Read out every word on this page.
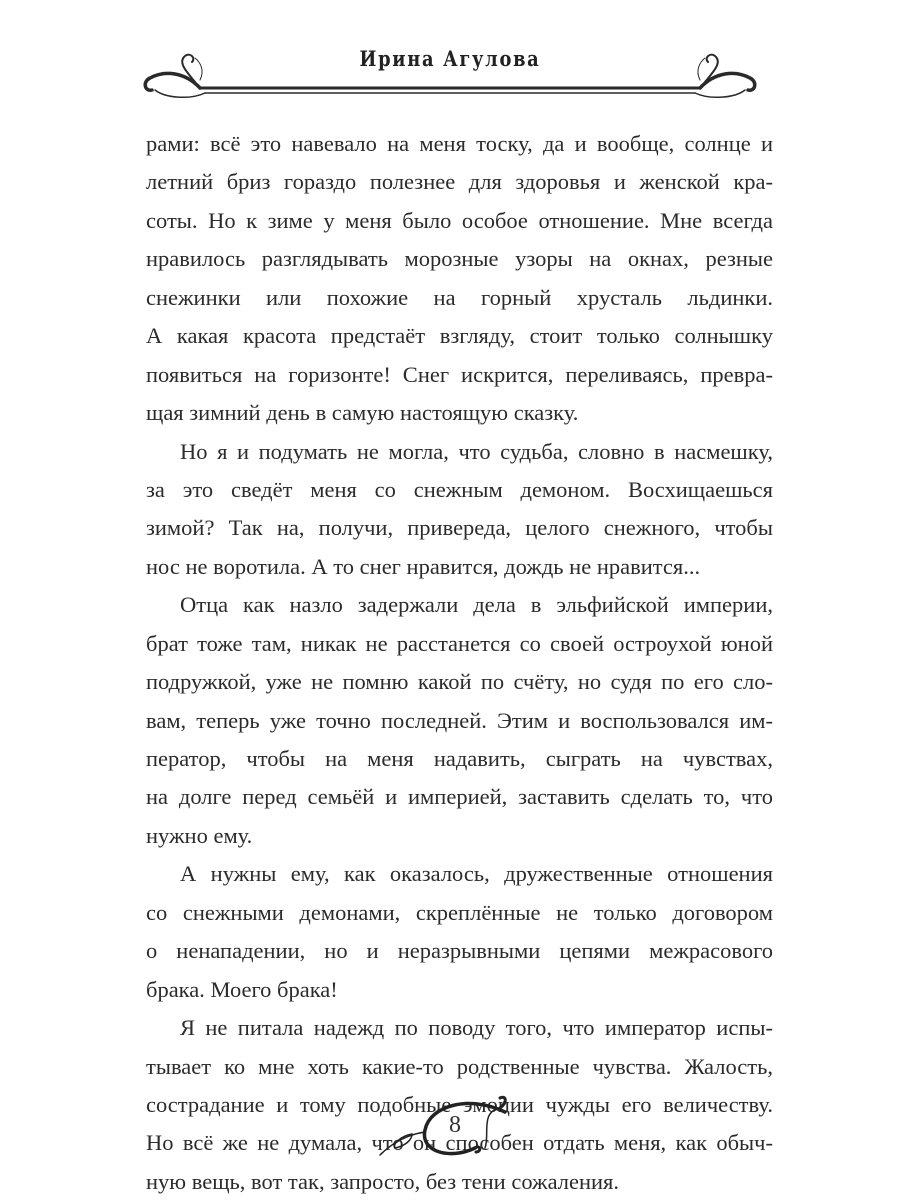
Ирина Агулова
рами: всё это навевало на меня тоску, да и вообще, солнце и
летний бриз гораздо полезнее для здоровья и женской кра-
соты. Но к зиме у меня было особое отношение. Мне всегда
нравилось разглядывать морозные узоры на окнах, резные
снежинки или похожие на горный хрусталь льдинки.
А какая красота предстаёт взгляду, стоит только солнышку
появиться на горизонте! Снег искрится, переливаясь, превра-
щая зимний день в самую настоящую сказку.
Но я и подумать не могла, что судьба, словно в насмешку,
за это сведёт меня со снежным демоном. Восхищаешься
зимой? Так на, получи, привереда, целого снежного, чтобы
нос не воротила. А то снег нравится, дождь не нравится...
Отца как назло задержали дела в эльфийской империи,
брат тоже там, никак не расстанется со своей остроухой юной
подружкой, уже не помню какой по счёту, но судя по его сло-
вам, теперь уже точно последней. Этим и воспользовался им-
ператор, чтобы на меня надавить, сыграть на чувствах,
на долге перед семьёй и империей, заставить сделать то, что
нужно ему.
А нужны ему, как оказалось, дружественные отношения
со снежными демонами, скреплённые не только договором
о ненападении, но и неразрывными цепями межрасового
брака. Моего брака!
Я не питала надежд по поводу того, что император испы-
тывает ко мне хоть какие-то родственные чувства. Жалость,
сострадание и тому подобные эмоции чужды его величеству.
Но всё же не думала, что он способен отдать меня, как обыч-
ную вещь, вот так, запросто, без тени сожаления.
8
